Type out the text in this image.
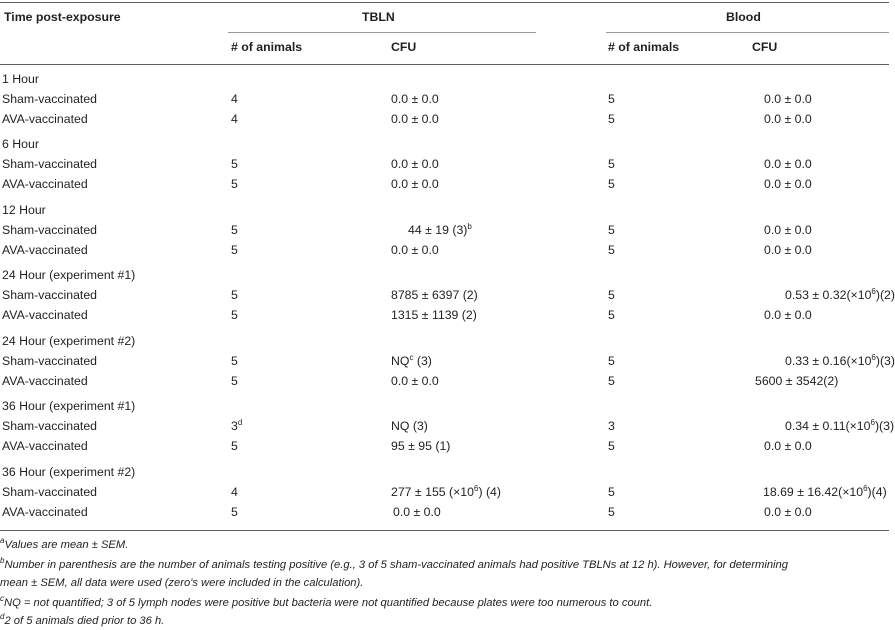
Time post-exposure	TBLN	Blood
# of animals	CFU	# of animals	CFU
1 Hour
Sham-vaccinated	4	0.0 ± 0.0	5	0.0 ± 0.0
AVA-vaccinated	4	0.0 ± 0.0	5	0.0 ± 0.0
6 Hour
Sham-vaccinated	5	0.0 ± 0.0	5	0.0 ± 0.0
AVA-vaccinated	5	0.0 ± 0.0	5	0.0 ± 0.0
12 Hour
Sham-vaccinated	5	44 ± 19 $(3)^b$	5	0.0 ± 0.0
AVA-vaccinated	5	0.0 ± 0.0	5	0.0 ± 0.0
24 Hour (experiment #1)
Sham-vaccinated	5	8785 ± 6397 (2)	5	$0.53 \pm 0.32(\times 10^6)(2)$
AVA-vaccinated	5	1315 ± 1139 (2)	5	0.0 ± 0.0
24 Hour (experiment #2)
Sham-vaccinated	5	$NQ^c$ (3)	5	$0.33 \pm 0.16(\times 10^6)(3)$
AVA-vaccinated	5	0.0 ± 0.0	5	5600 ± 3542(2)
36 Hour (experiment #1)
Sham-vaccinated	3$^d$	NQ (3)	3	$0.34 \pm 0.11(\times 10^6)(3)$
AVA-vaccinated	5	95 ± 95 (1)	5	0.0 ± 0.0
36 Hour (experiment #2)
Sham-vaccinated	4	277 ± 155 $(\times 10^6)$ (4)	5	$18.69 \pm 16.42(\times 10^6)(4)$
AVA-vaccinated	5	0.0 ± 0.0	5	0.0 ± 0.0
$^a$Values are mean ± SEM.
$^b$Number in parenthesis are the number of animals testing positive (e.g., 3 of 5 sham-vaccinated animals had positive TBLNs at 12 h). However, for determining
mean ± SEM, all data were used (zero's were included in the calculation).
$^c$NQ = not quantified; 3 of 5 lymph nodes were positive but bacteria were not quantified because plates were too numerous to count.
$^d$2 of 5 animals died prior to 36 h.
